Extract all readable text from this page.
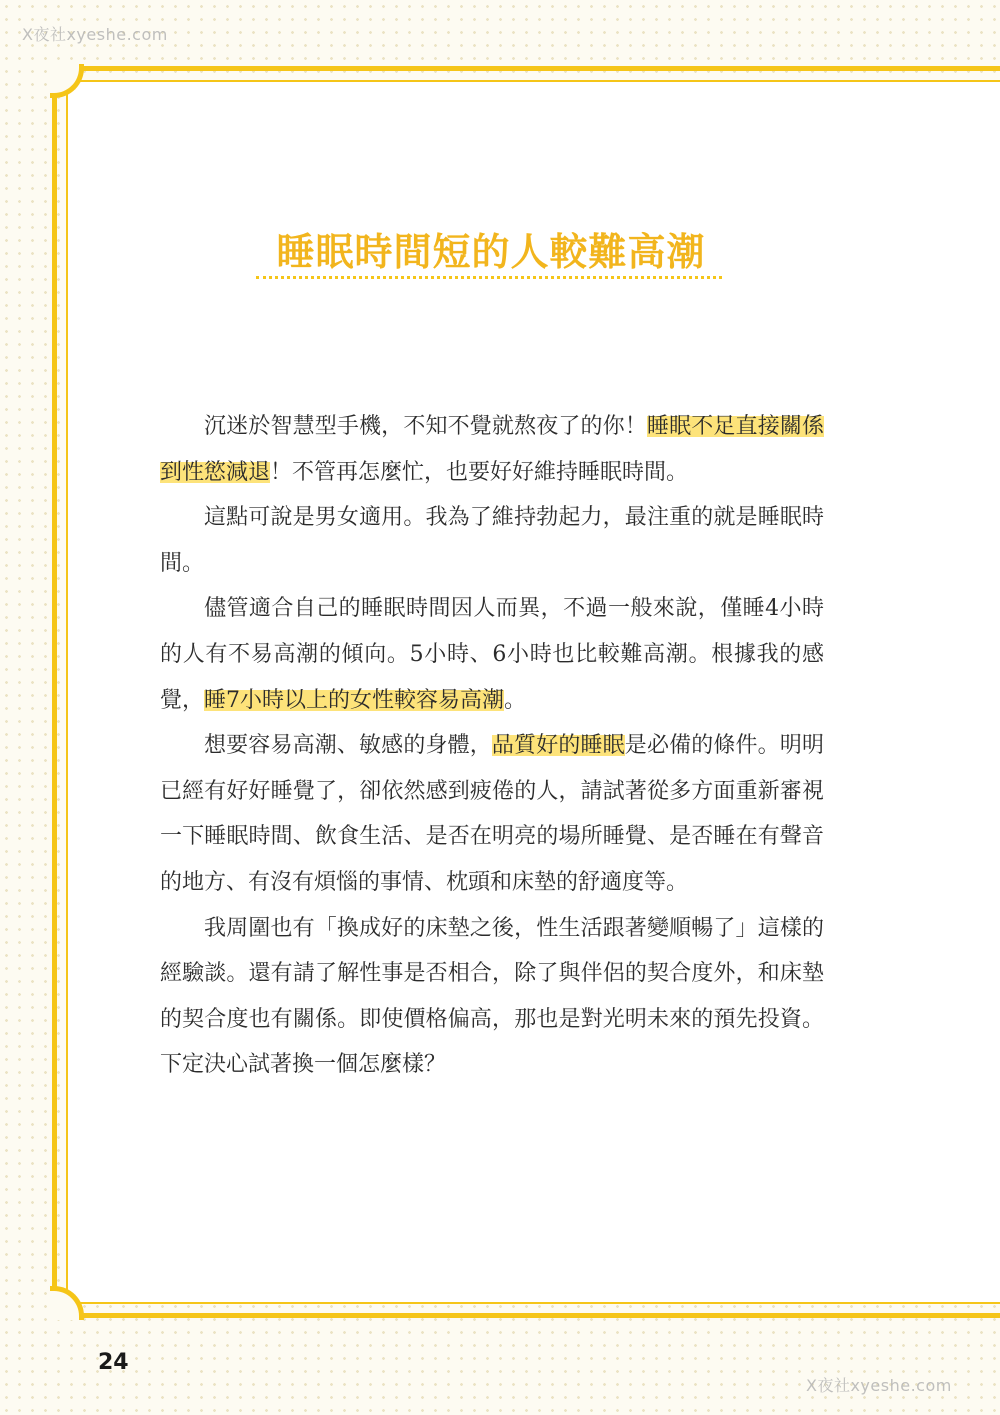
Ⅹ夜社xyeshe.com
睡眠時間短的人較難高潮

沉迷於智慧型手機，不知不覺就熬夜了的你！睡眠不足直接關係到性慾減退！不管再怎麼忙，也要好好維持睡眠時間。

這點可說是男女適用。我為了維持勃起力，最注重的就是睡眠時間。

儘管適合自己的睡眠時間因人而異，不過一般來說，僅睡4小時的人有不易高潮的傾向。5小時、6小時也比較難高潮。根據我的感覺，睡7小時以上的女性較容易高潮。

想要容易高潮、敏感的身體，品質好的睡眠是必備的條件。明明已經有好好睡覺了，卻依然感到疲倦的人，請試著從多方面重新審視一下睡眠時間、飲食生活、是否在明亮的場所睡覺、是否睡在有聲音的地方、有沒有煩惱的事情、枕頭和床墊的舒適度等。

我周圍也有「換成好的床墊之後，性生活跟著變順暢了」這樣的經驗談。還有請了解性事是否相合，除了與伴侶的契合度外，和床墊的契合度也有關係。即使價格偏高，那也是對光明未來的預先投資。下定決心試著換一個怎麼樣？

24
Ⅹ夜社xyeshe.com
